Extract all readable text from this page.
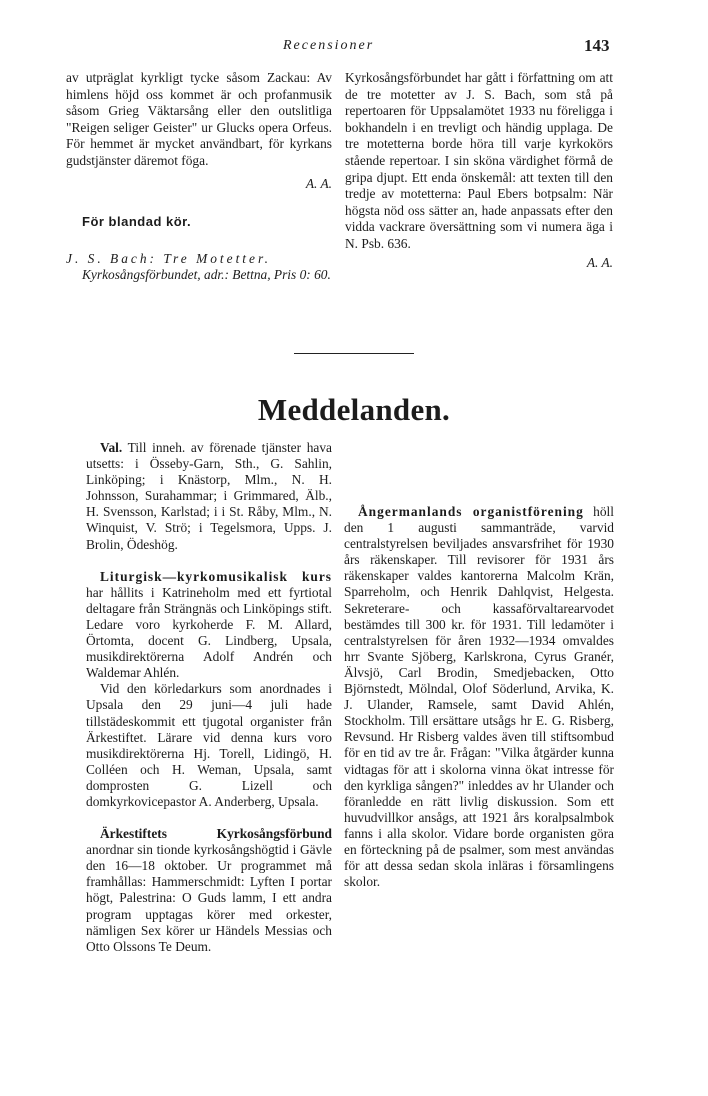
Recensioner	143

av utpräglat kyrkligt tycke såsom Zackau: Av himlens höjd oss kommet är och profanmusik såsom Grieg Väktarsång eller den outslitliga "Reigen seliger Geister" ur Glucks opera Orfeus. För hemmet är mycket användbart, för kyrkans gudstjänster däremot föga.

A. A.

För blandad kör.

J. S. Bach: Tre Motetter.

Kyrkosångsförbundet, adr.: Bettna, Pris 0: 60.

Kyrkosångsförbundet har gått i författning om att de tre motetter av J. S. Bach, som stå på repertoaren för Uppsalamötet 1933 nu föreligga i bokhandeln i en trevligt och händig upplaga. De tre motetterna borde höra till varje kyrkokörs stående repertoar. I sin sköna värdighet förmå de gripa djupt. Ett enda önskemål: att texten till den tredje av motetterna: Paul Ebers botpsalm: När högsta nöd oss sätter an, hade anpassats efter den vidda vackrare översättning som vi numera äga i N. Psb. 636.

A. A.

Meddelanden.

Val. Till inneh. av förenade tjänster hava utsetts: i Össeby-Garn, Sth., G. Sahlin, Linköping; i Knästorp, Mlm., N. H. Johnsson, Surahammar; i Grimmared, Älb., H. Svensson, Karlstad; i i St. Råby, Mlm., N. Winquist, V. Strö; i Tegelsmora, Upps. J. Brolin, Ödeshög.

Liturgisk—kyrkomusikalisk kurs har hållits i Katrineholm med ett fyrtiotal deltagare från Strängnäs och Linköpings stift. Ledare voro kyrkoherde F. M. Allard, Örtomta, docent G. Lindberg, Upsala, musikdirektörerna Adolf Andrén och Waldemar Ahlén.

Vid den körledarkurs som anordnades i Upsala den 29 juni—4 juli hade tillstädeskommit ett tjugotal organister från Ärkestiftet. Lärare vid denna kurs voro musikdirektörerna Hj. Torell, Lidingö, H. Colléen och H. Weman, Upsala, samt domprosten G. Lizell och domkyrkovicepastor A. Anderberg, Upsala.

Ärkestiftets Kyrkosångsförbund anordnar sin tionde kyrkosångshögtid i Gävle den 16—18 oktober. Ur programmet må framhållas: Hammerschmidt: Lyften I portar högt, Palestrina: O Guds lamm, I ett andra program upptagas körer med orkester, nämligen Sex körer ur Händels Messias och Otto Olssons Te Deum.

Ångermanlands organistförening höll den 1 augusti sammanträde, varvid centralstyrelsen beviljades ansvarsfrihet för 1930 års räkenskaper. Till revisorer för 1931 års räkenskaper valdes kantorerna Malcolm Krän, Sparreholm, och Henrik Dahlqvist, Helgesta. Sekreterare- och kassaförvaltarearvodet bestämdes till 300 kr. för 1931. Till ledamöter i centralstyrelsen för åren 1932—1934 omvaldes hrr Svante Sjöberg, Karlskrona, Cyrus Granér, Älvsjö, Carl Brodin, Smedjebacken, Otto Björnstedt, Mölndal, Olof Söderlund, Arvika, K. J. Ulander, Ramsele, samt David Ahlén, Stockholm. Till ersättare utsågs hr E. G. Risberg, Revsund. Hr Risberg valdes även till stiftsombud för en tid av tre år. Frågan: "Vilka åtgärder kunna vidtagas för att i skolorna vinna ökat intresse för den kyrkliga sången?" inleddes av hr Ulander och föranledde en rätt livlig diskussion. Som ett huvudvillkor ansågs, att 1921 års koralpsalmbok fanns i alla skolor. Vidare borde organisten göra en förteckning på de psalmer, som mest användas för att dessa sedan skola inläras i församlingens skolor.
